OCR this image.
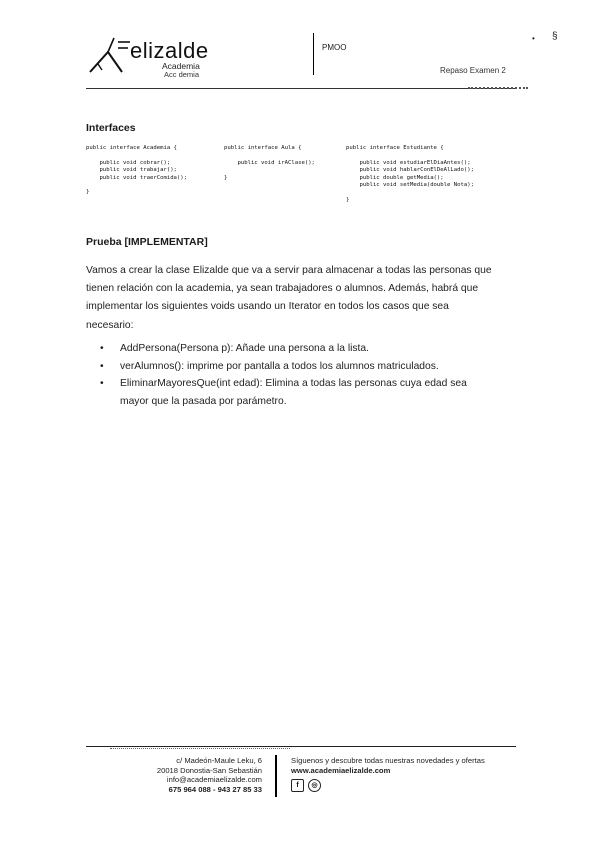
elizalde
Academia
Acc demia
PMOO
Repaso Examen 2
• §
Interfaces
public interface Academia {

public void cobrar();
public void trabajar();
public void traerComida();

}
public interface Aula {

public void irAClase();

}
public interface Estudiante {

public void estudiarElDiaAntes();
public void hablarConElDeAlLado();
public double getMedia();
public void setMedia(double Nota);

}
Prueba [IMPLEMENTAR]
Vamos a crear la clase Elizalde que va a servir para almacenar a todas las personas que
tienen relación con la academia, ya sean trabajadores o alumnos. Además, habrá que
implementar los siguientes voids usando un Iterator en todos los casos que sea
necesario:
•	AddPersona(Persona p): Añade una persona a la lista.
•	verAlumnos(): imprime por pantalla a todos los alumnos matriculados.
•	EliminarMayoresQue(int edad): Elimina a todas las personas cuya edad sea
mayor que la pasada por parámetro.
c/ Madeón-Maule Leku, 6
20018 Donostia-San Sebastián
info@academiaelizalde.com
675 964 088 - 943 27 85 33
Síguenos y descubre todas nuestras novedades y ofertas
www.academiaelizalde.com
f	◎
